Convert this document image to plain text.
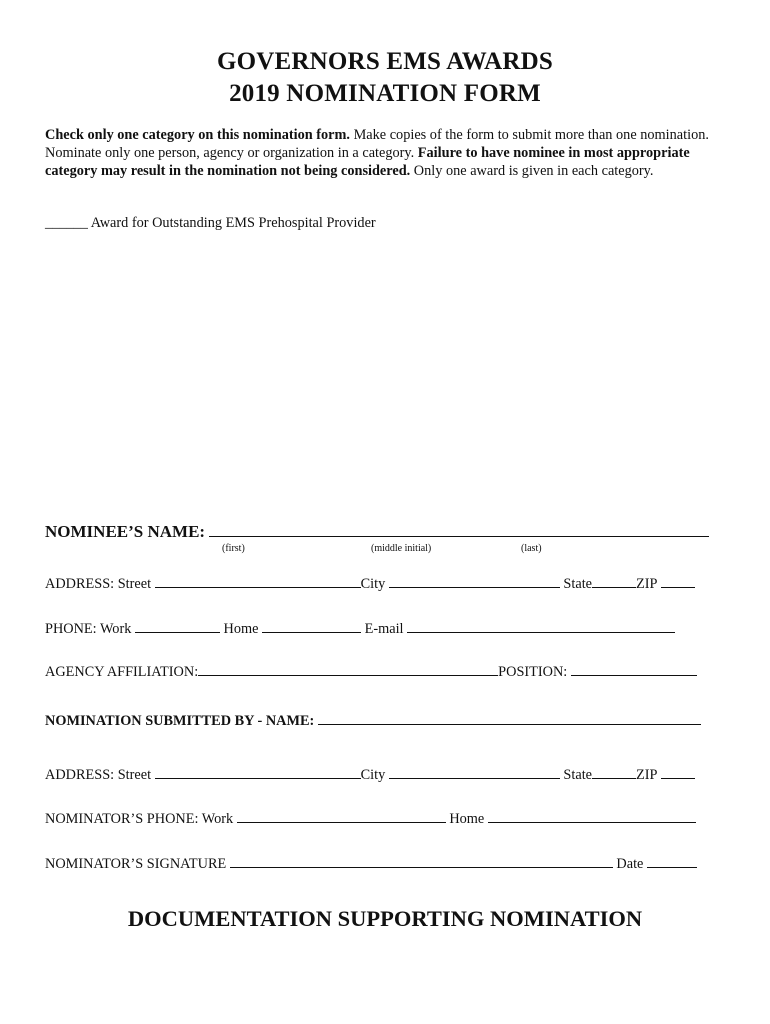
GOVERNORS EMS AWARDS
2019 NOMINATION FORM
Check only one category on this nomination form. Make copies of the form to submit more than one nomination. Nominate only one person, agency or organization in a category. Failure to have nominee in most appropriate category may result in the nomination not being considered. Only one award is given in each category.
______ Award for Outstanding EMS Prehospital Provider
NOMINEE’S NAME:
(first)	(middle initial)	(last)
ADDRESS: Street	City	State	ZIP
PHONE: Work	Home	E-mail
AGENCY AFFILIATION:	POSITION:
NOMINATION SUBMITTED BY - NAME:
ADDRESS: Street	City	State	ZIP
NOMINATOR’S PHONE: Work	Home
NOMINATOR’S SIGNATURE	Date
DOCUMENTATION SUPPORTING NOMINATION
